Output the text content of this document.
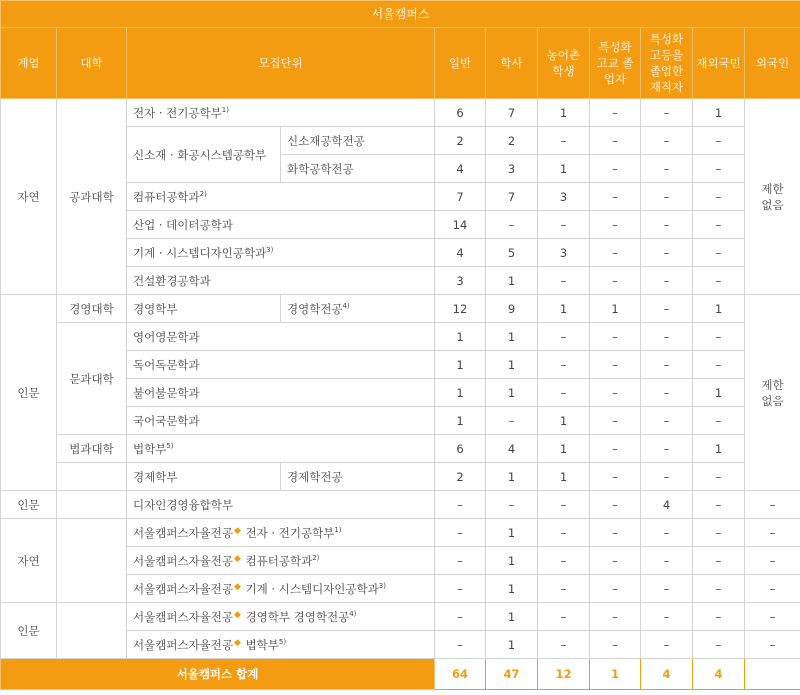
서울캠퍼스										
계열	대학	모집단위		일반	학사	농어촌 학생	특성화 고교 졸업자	특성화 고등을 졸업한 재직자	재외국민	외국인
자연	공과대학	전자 · 전기공학부$^{1)}$		6	7	1	–	–	1	제한 없음
		신소재 · 화공시스템공학부	신소재공학전공	2	2	–	–	–	–	
			화학공학전공	4	3	1	–	–	–	
		컴퓨터공학과$^{2)}$		7	7	3	–	–	–	
		산업 · 데이터공학과		14	–	–	–	–	–	
		기계 · 시스템디자인공학과$^{3)}$		4	5	3	–	–	–	
		건설환경공학과		3	1	–	–	–	–	
인문	경영대학	경영학부	경영학전공$^{4)}$	12	9	1	1	–	1	제한 없음
	문과대학	영어영문학과		1	1	–	–	–	–	
		독어독문학과		1	1	–	–	–	–	
		불어불문학과		1	1	–	–	–	1	
		국어국문학과		1	–	1	–	–	–	
	법과대학	법학부$^{5)}$		6	4	1	–	–	1	
		경제학부	경제학전공	2	1	1	–	–	–	
인문		디자인경영융합학부		–	–	–	–	4	–	–
자연		서울캠퍼스자율전공◆ 전자 · 전기공학부$^{1)}$		–	1	–	–	–	–	–
		서울캠퍼스자율전공◆ 컴퓨터공학과$^{2)}$		–	1	–	–	–	–	–
		서울캠퍼스자율전공◆ 기계 · 시스템디자인공학과$^{3)}$		–	1	–	–	–	–	–
인문		서울캠퍼스자율전공◆ 경영학부 경영학전공$^{4)}$		–	1	–	–	–	–	–
		서울캠퍼스자율전공◆ 법학부$^{5)}$		–	1	–	–	–	–	–
서울캠퍼스 합계				64	47	12	1	4	4	
